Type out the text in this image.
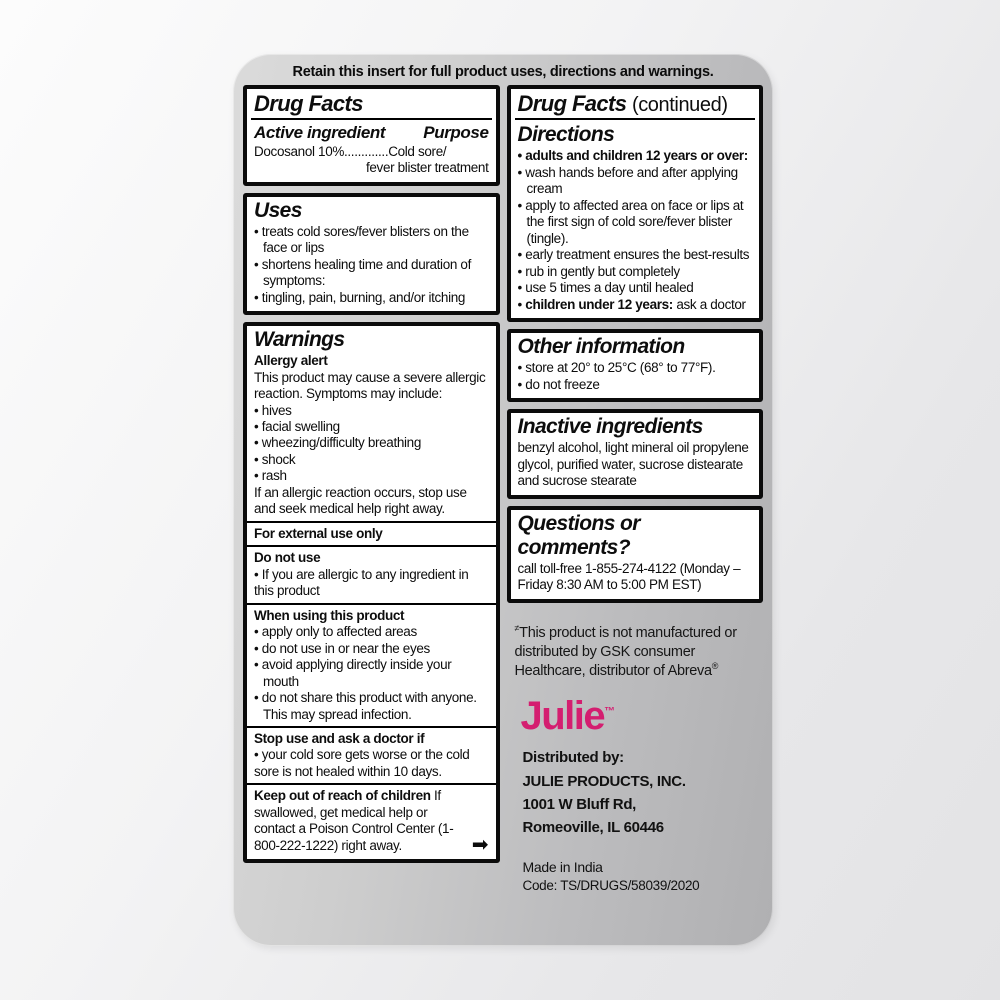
Retain this insert for full product uses, directions and warnings.
Drug Facts
Active ingredient Purpose

Docosanol 10%.............Cold sore/

fever blister treatment

Uses
• treats cold sores/fever blisters on the face or lips
• shortens healing time and duration of symptoms:
• tingling, pain, burning, and/or itching
Warnings

Allergy alert

This product may cause a severe allergic reaction. Symptoms may include:

• hives
• facial swelling
• wheezing/difficulty breathing
• shock
• rash

If an allergic reaction occurs, stop use and seek medical help right away.

For external use only

Do not use

• If you are allergic to any ingredient in this product

When using this product

• apply only to affected areas
• do not use in or near the eyes
• avoid applying directly inside your mouth
• do not share this product with anyone. This may spread infection.

Stop use and ask a doctor if

• your cold sore gets worse or the cold sore is not healed within 10 days.

Keep out of reach of children If swallowed, get medical help or contact a Poison Control Center (1-800-222-1222) right away.	➡
Drug Facts (continued)
Directions

• adults and children 12 years or over:

• wash hands before and after applying cream
• apply to affected area on face or lips at the first sign of cold sore/fever blister (tingle).
• early treatment ensures the best-results
• rub in gently but completely
• use 5 times a day until healed

• children under 12 years: ask a doctor

Other information
• store at 20° to 25°C (68° to 77°F).
• do not freeze
Inactive ingredients

benzyl alcohol, light mineral oil propylene glycol, purified water, sucrose distearate and sucrose stearate

Questions or comments?

call toll-free 1-855-274-4122 (Monday – Friday 8:30 AM to 5:00 PM EST)

≠This product is not manufactured or distributed by GSK consumer Healthcare, distributor of Abreva®

Julie™
Distributed by:
JULIE PRODUCTS, INC.
1001 W Bluff Rd,
Romeoville, IL 60446
Made in India
Code: TS/DRUGS/58039/2020
